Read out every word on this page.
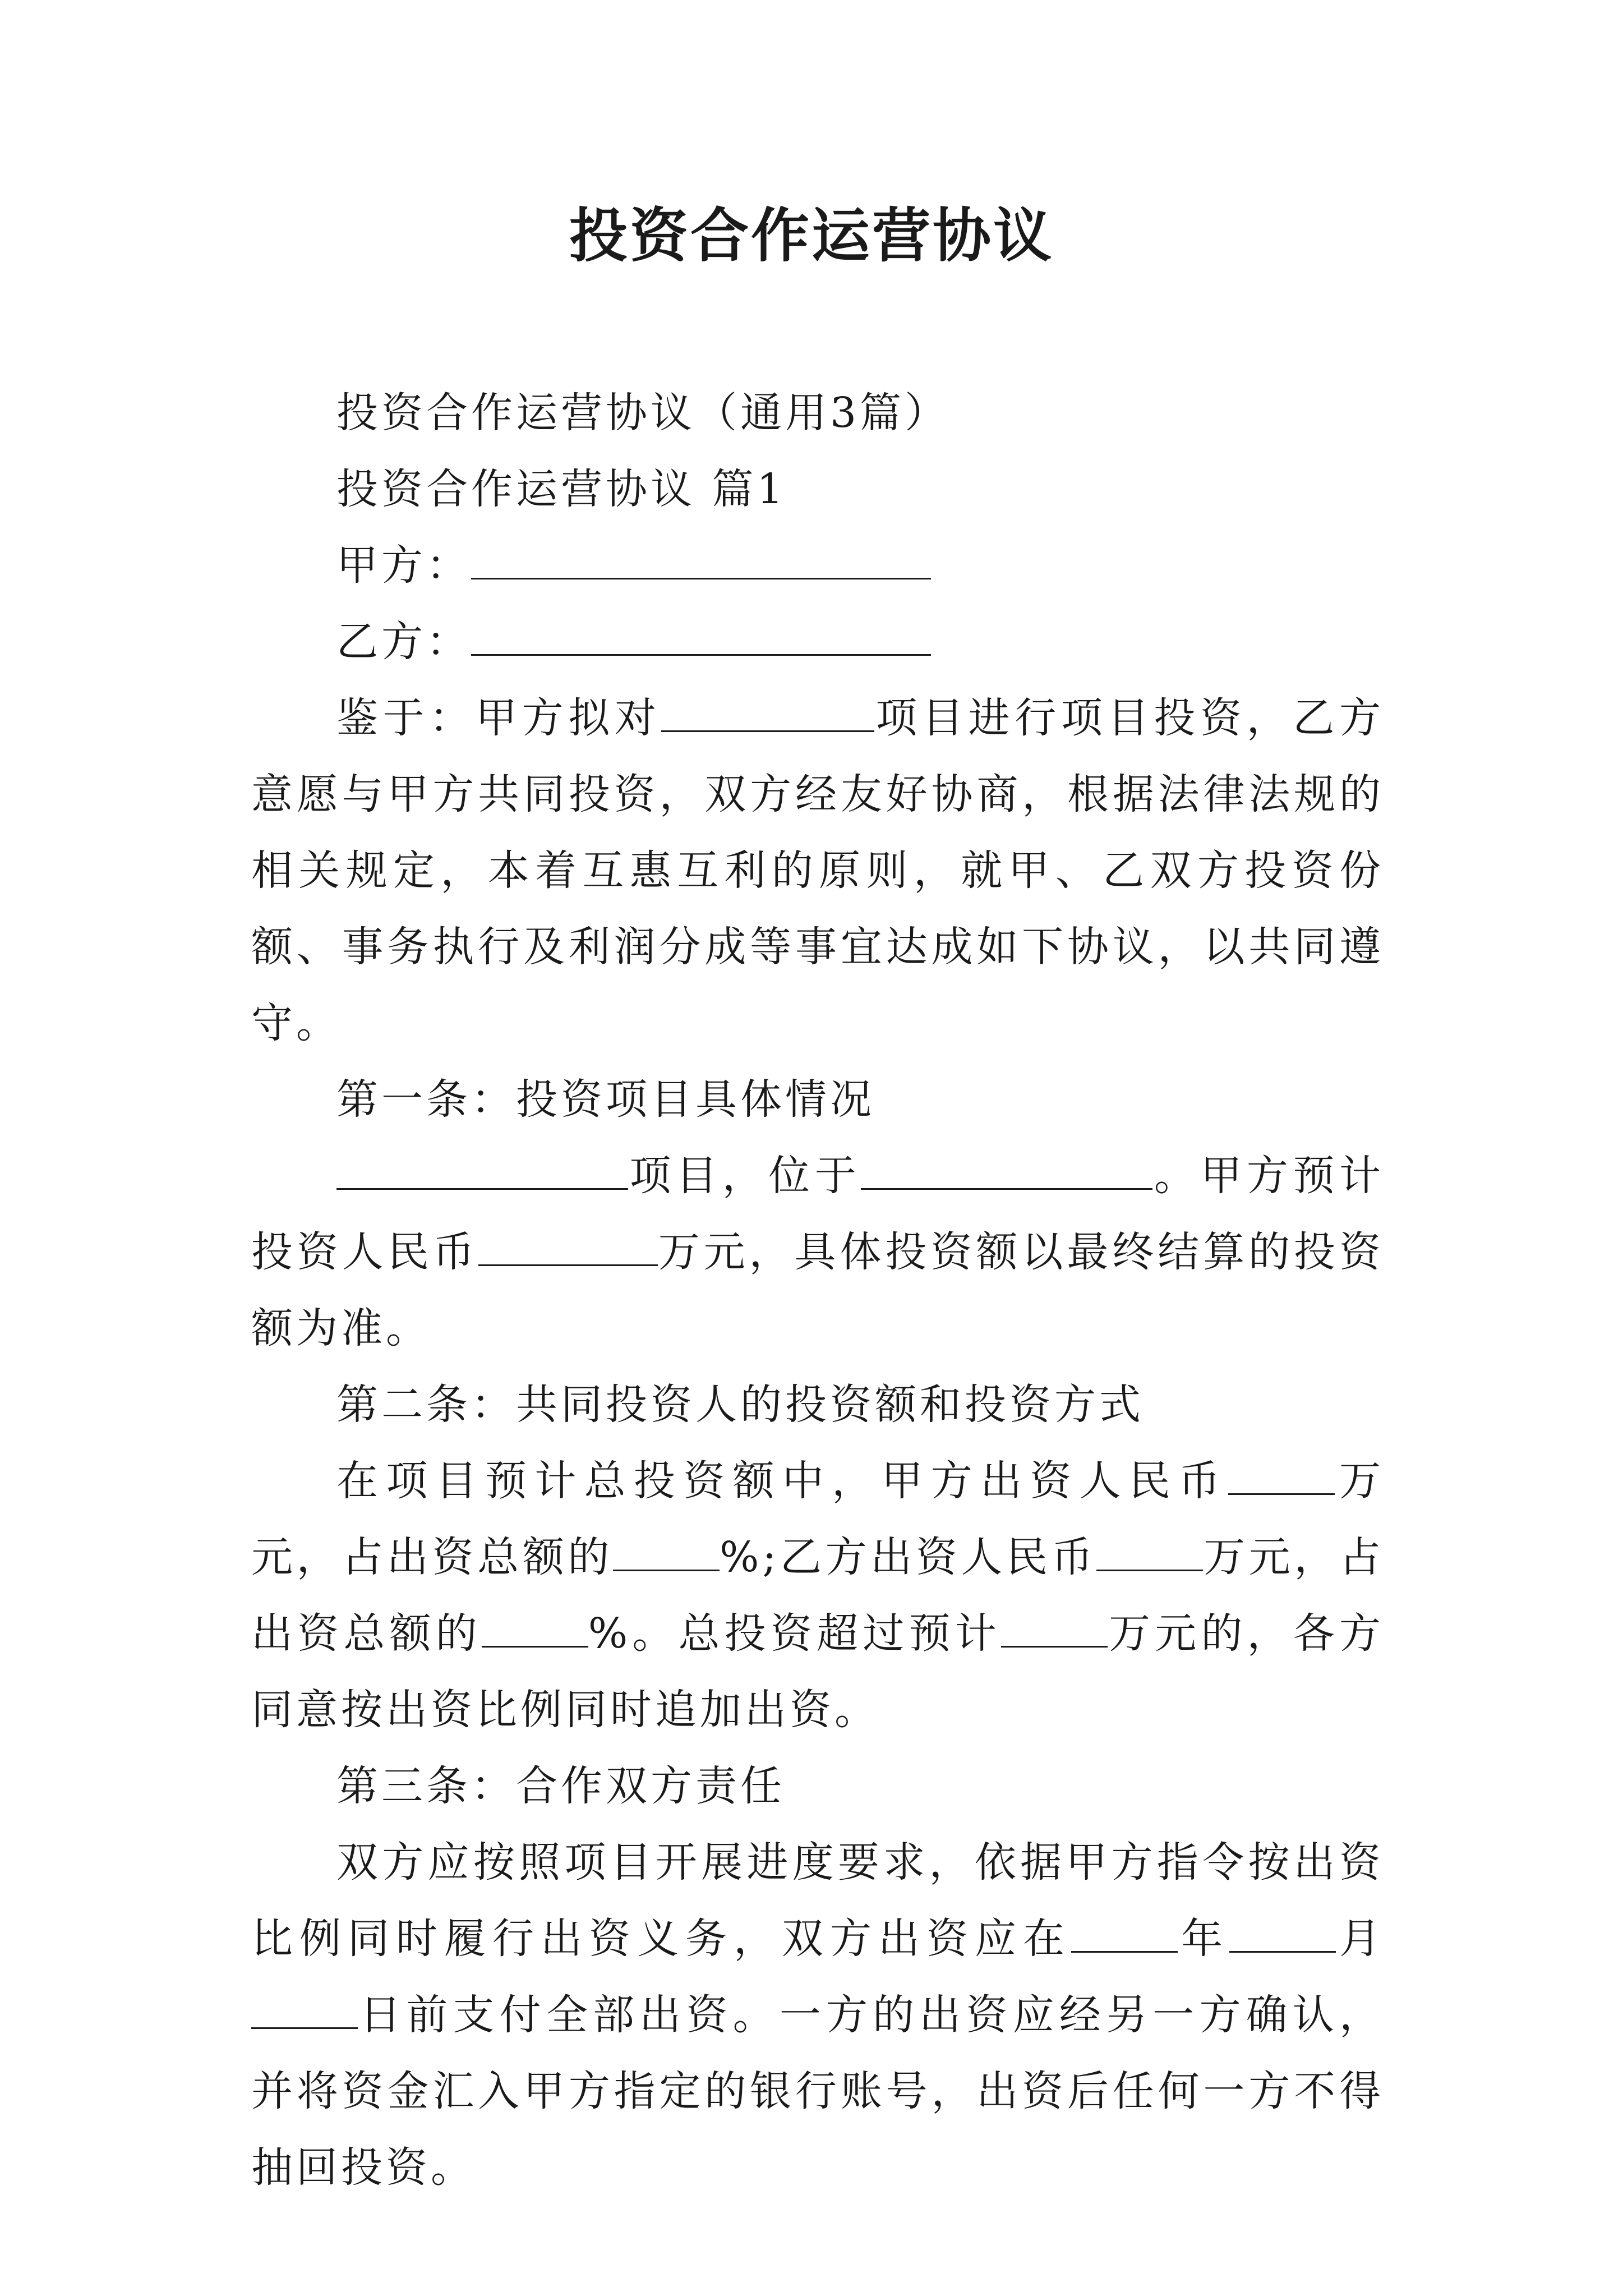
投资合作运营协议

投资合作运营协议（通用3篇）

投资合作运营协议 篇1

甲方：

乙方：

鉴于：甲方拟对	项目进行项目投资，乙方意愿与甲方共同投资，双方经友好协商，根据法律法规的相关规定，本着互惠互利的原则，就甲、乙双方投资份额、事务执行及利润分成等事宜达成如下协议，以共同遵守。

第一条：投资项目具体情况

项目，位于	。甲方预计投资人民币	万元，具体投资额以最终结算的投资额为准。

第二条：共同投资人的投资额和投资方式

在项目预计总投资额中，甲方出资人民币	万元，占出资总额的	%;乙方出资人民币	万元，占出资总额的	%。总投资超过预计	万元的，各方同意按出资比例同时追加出资。

第三条：合作双方责任

双方应按照项目开展进度要求，依据甲方指令按出资比例同时履行出资义务，双方出资应在	年	月日前支付全部出资。一方的出资应经另一方确认，并将资金汇入甲方指定的银行账号，出资后任何一方不得抽回投资。
